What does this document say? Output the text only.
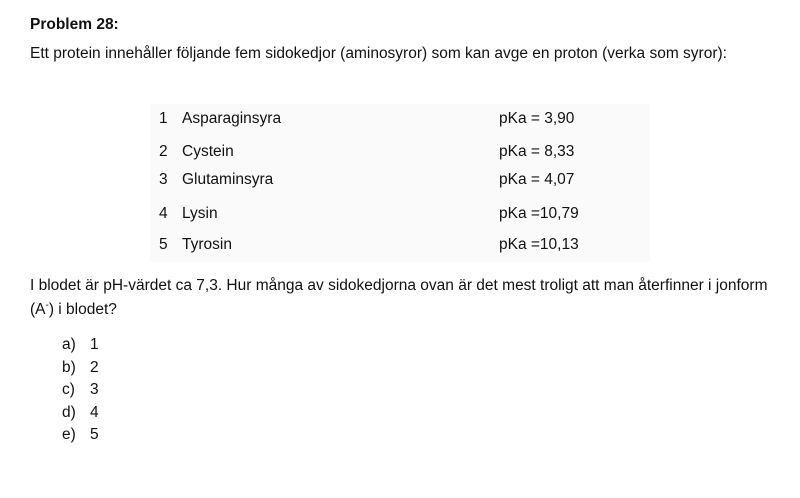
Problem 28:
Ett protein innehåller följande fem sidokedjor (aminosyror) som kan avge en proton (verka som syror):
1 Asparaginsyra	pKa = 3,90
2 Cystein	pKa = 8,33
3 Glutaminsyra	pKa = 4,07
4 Lysin	pKa =10,79
5 Tyrosin	pKa =10,13
I blodet är pH-värdet ca 7,3. Hur många av sidokedjorna ovan är det mest troligt att man återfinner i jonform (A-) i blodet?
a) 1
b) 2
c) 3
d) 4
e) 5
